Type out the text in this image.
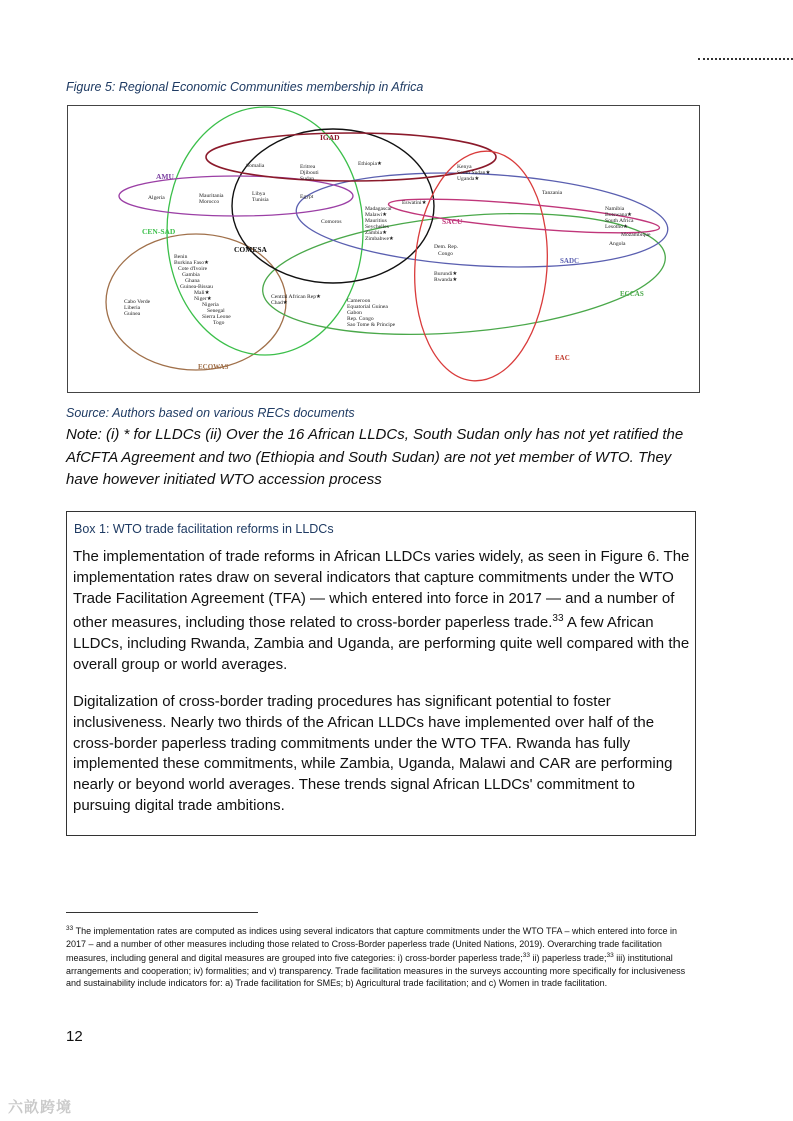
Figure 5: Regional Economic Communities membership in Africa
IGAD
AMU
CEN-SAD
COMESA
SACU
SADC
ECCAS
EAC
ECOWAS
Somalia	Eritrea
Djibouti
Sudan
Ethiopia★	Kenya
South Sudan★
Uganda★
Algeria	Mauritania
Morocco
Libya
Tunisia	Egypt
Eswatini★
Tanzania
Namibia
Botswana★
South Africa
Lesotho★
Mozambique
Angola
Comoros
Madagascar
Malawi★
Mauritius
Seychelles
Zambia★
Zimbabwe★
Dem. Rep.
Congo
Burundi★
Rwanda★
Benin
Burkina Faso★
Cote d'Ivoire
Gambia
Ghana
Guinea-Bissau
Mali★
Niger★
Nigeria
Senegal
Sierra Leone
Togo
Cabo Verde
Liberia
Guinea
Central African Rep★
Chad★	Cameroon
Equatorial Guinea
Gabon
Rep. Congo
Sao Tome & Principe
Source: Authors based on various RECs documents
Note: (i) * for LLDCs (ii) Over the 16 African LLDCs, South Sudan only has not yet ratified the AfCFTA Agreement and two (Ethiopia and South Sudan) are not yet member of WTO. They have however initiated WTO accession process
Box 1: WTO trade facilitation reforms in LLDCs
The implementation of trade reforms in African LLDCs varies widely, as seen in Figure 6. The implementation rates draw on several indicators that capture commitments under the WTO Trade Facilitation Agreement (TFA) — which entered into force in 2017 — and a number of other measures, including those related to cross-border paperless trade.$^{33}$ A few African LLDCs, including Rwanda, Zambia and Uganda, are performing quite well compared with the overall group or world averages.
Digitalization of cross-border trading procedures has significant potential to foster inclusiveness. Nearly two thirds of the African LLDCs have implemented over half of the cross-border paperless trading commitments under the WTO TFA. Rwanda has fully implemented these commitments, while Zambia, Uganda, Malawi and CAR are performing nearly or beyond world averages. These trends signal African LLDCs' commitment to pursuing digital trade ambitions.
$^{33}$ The implementation rates are computed as indices using several indicators that capture commitments under the WTO TFA – which entered into force in 2017 – and a number of other measures including those related to Cross-Border paperless trade (United Nations, 2019). Overarching trade facilitation measures, including general and digital measures are grouped into five categories: i) cross-border paperless trade;$^{33}$ ii) paperless trade;$^{33}$ iii) institutional arrangements and cooperation; iv) formalities; and v) transparency. Trade facilitation measures in the surveys accounting more specifically for inclusiveness and sustainability include indicators for: a) Trade facilitation for SMEs; b) Agricultural trade facilitation; and c) Women in trade facilitation.
12
六畝跨境
